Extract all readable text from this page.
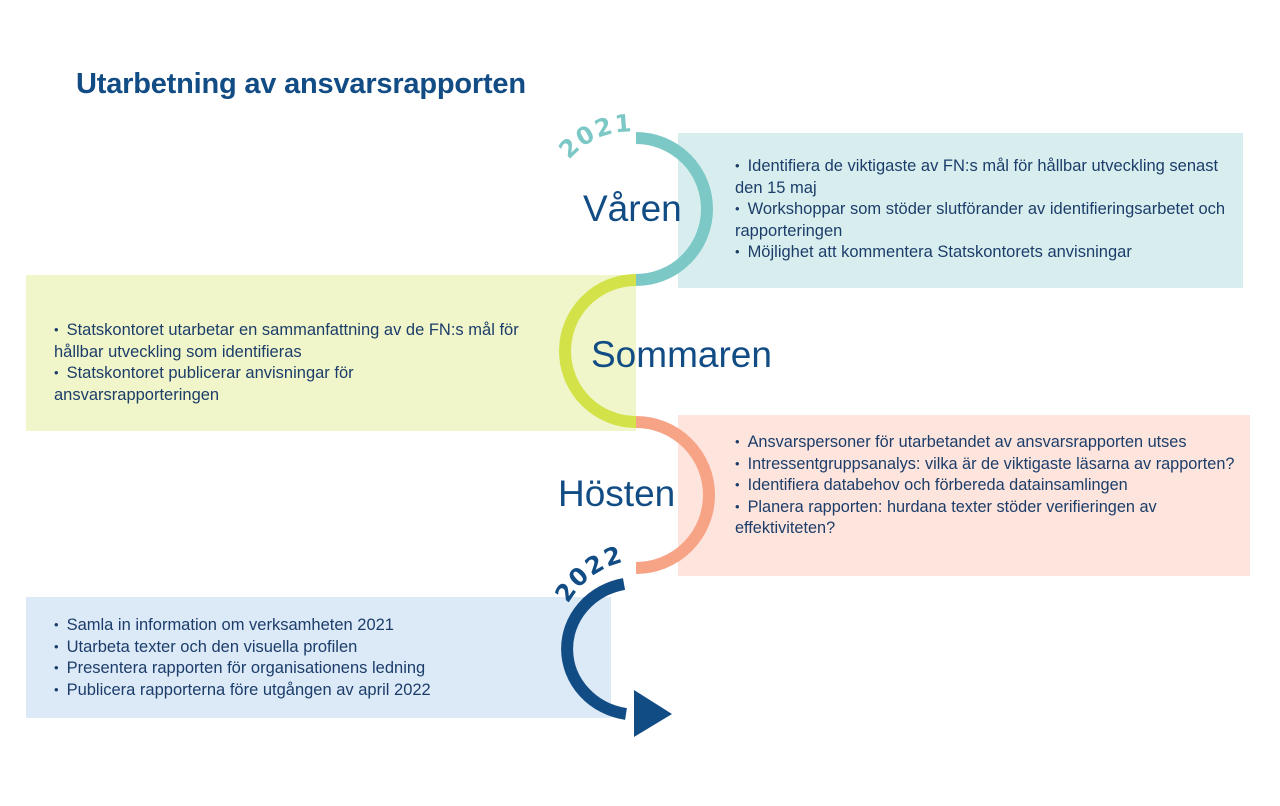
Utarbetning av ansvarsrapporten
• Identifiera de viktigaste av FN:s mål för hållbar utveckling senast den 15 maj
• Workshoppar som stöder slutförander av identifieringsarbetet och rapporteringen
• Möjlighet att kommentera Statskontorets anvisningar
• Statskontoret utarbetar en sammanfattning av de FN:s mål för hållbar utveckling som identifieras
• Statskontoret publicerar anvisningar för ansvarsrapporteringen
• Ansvarspersoner för utarbetandet av ansvarsrapporten utses
• Intressentgruppsanalys: vilka är de viktigaste läsarna av rapporten?
• Identifiera databehov och förbereda datainsamlingen
• Planera rapporten: hurdana texter stöder verifieringen av effektiviteten?
• Samla in information om verksamheten 2021
• Utarbeta texter och den visuella profilen
• Presentera rapporten för organisationens ledning
• Publicera rapporterna före utgången av april 2022
2021
2022
Våren
Sommaren
Hösten
